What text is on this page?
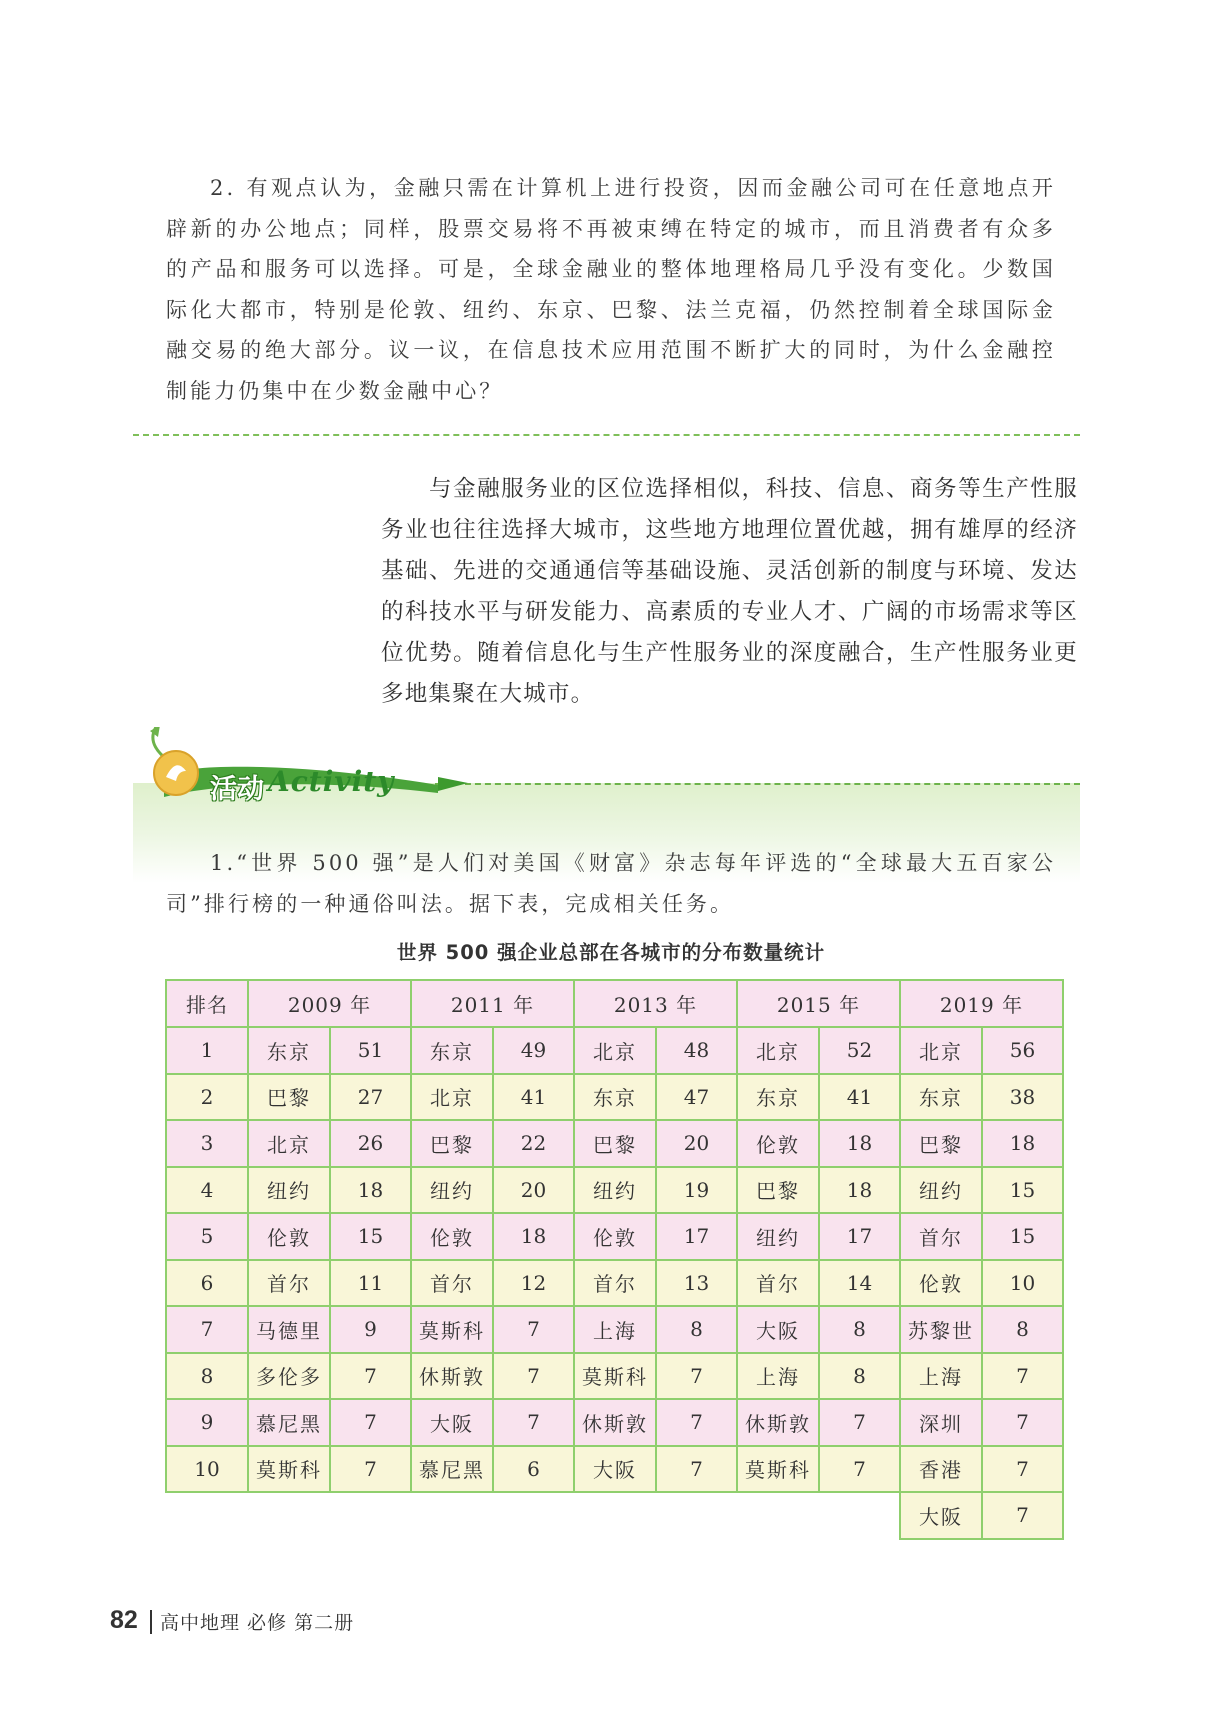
2. 有观点认为，金融只需在计算机上进行投资，因而金融公司可在任意地点开辟新的办公地点；同样，股票交易将不再被束缚在特定的城市，而且消费者有众多的产品和服务可以选择。可是，全球金融业的整体地理格局几乎没有变化。少数国际化大都市，特别是伦敦、纽约、东京、巴黎、法兰克福，仍然控制着全球国际金融交易的绝大部分。议一议，在信息技术应用范围不断扩大的同时，为什么金融控制能力仍集中在少数金融中心？
与金融服务业的区位选择相似，科技、信息、商务等生产性服务业也往往选择大城市，这些地方地理位置优越，拥有雄厚的经济基础、先进的交通通信等基础设施、灵活创新的制度与环境、发达的科技水平与研发能力、高素质的专业人才、广阔的市场需求等区位优势。随着信息化与生产性服务业的深度融合，生产性服务业更多地集聚在大城市。
活动 Activity
1.“世界 500 强”是人们对美国《财富》杂志每年评选的“全球最大五百家公司”排行榜的一种通俗叫法。据下表，完成相关任务。
世界 500 强企业总部在各城市的分布数量统计
排名	2009 年		2011 年		2013 年		2015 年		2019 年	
1	东京	51	东京	49	北京	48	北京	52	北京	56
2	巴黎	27	北京	41	东京	47	东京	41	东京	38
3	北京	26	巴黎	22	巴黎	20	伦敦	18	巴黎	18
4	纽约	18	纽约	20	纽约	19	巴黎	18	纽约	15
5	伦敦	15	伦敦	18	伦敦	17	纽约	17	首尔	15
6	首尔	11	首尔	12	首尔	13	首尔	14	伦敦	10
7	马德里	9	莫斯科	7	上海	8	大阪	8	苏黎世	8
8	多伦多	7	休斯敦	7	莫斯科	7	上海	8	上海	7
9	慕尼黑	7	大阪	7	休斯敦	7	休斯敦	7	深圳	7
10	莫斯科	7	慕尼黑	6	大阪	7	莫斯科	7	香港	7
									大阪	7
82 高中地理 必修 第二册
